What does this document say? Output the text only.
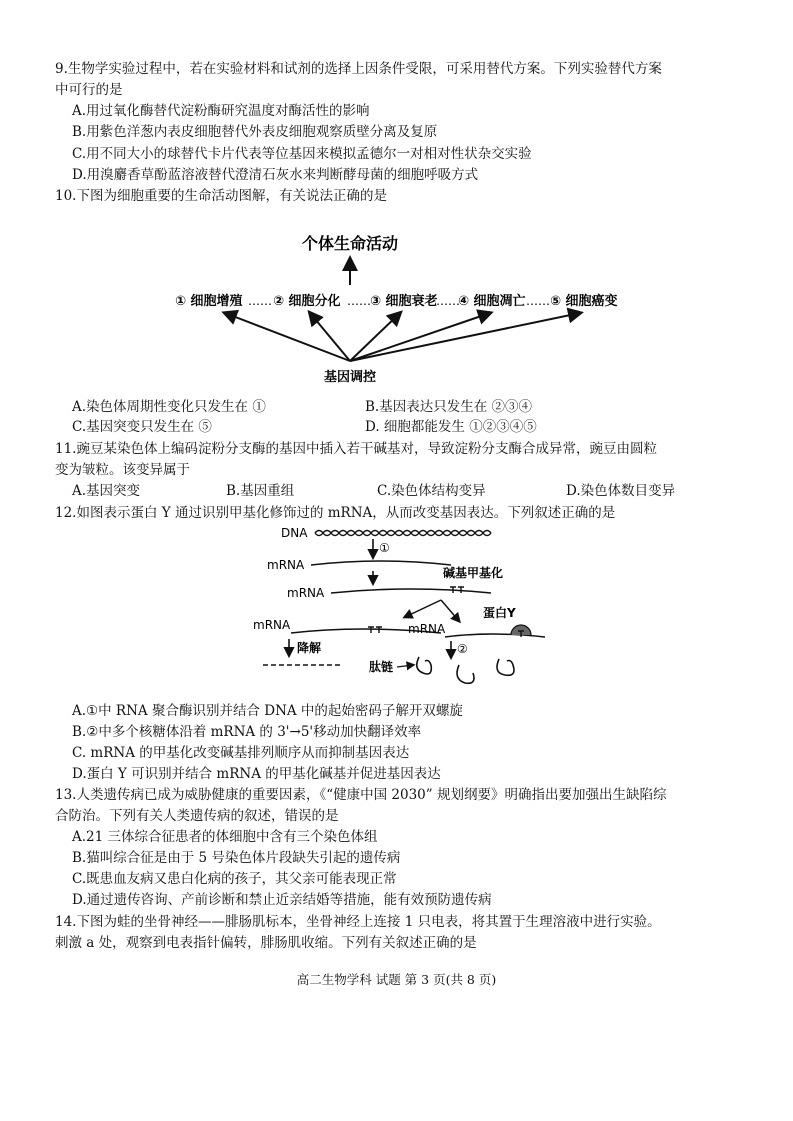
9.生物学实验过程中，若在实验材料和试剂的选择上因条件受限，可采用替代方案。下列实验替代方案
中可行的是
A.用过氧化酶替代淀粉酶研究温度对酶活性的影响
B.用紫色洋葱内表皮细胞替代外表皮细胞观察质壁分离及复原
C.用不同大小的球替代卡片代表等位基因来模拟孟德尔一对相对性状杂交实验
D.用溴麝香草酚蓝溶液替代澄清石灰水来判断酵母菌的细胞呼吸方式
10.下图为细胞重要的生命活动图解，有关说法正确的是
个体生命活动
① 细胞增殖 …… ② 细胞分化 …… ③ 细胞衰老
……
④ 细胞凋亡 …… ⑤ 细胞癌变
基因调控
A.染色体周期性变化只发生在 ①	B.基因表达只发生在 ②③④
C.基因突变只发生在 ⑤	D. 细胞都能发生 ①②③④⑤
11.豌豆某染色体上编码淀粉分支酶的基因中插入若干碱基对，导致淀粉分支酶合成异常，豌豆由圆粒
变为皱粒。该变异属于
A.基因突变	B.基因重组	C.染色体结构变异	D.染色体数目变异
12.如图表示蛋白 Y 通过识别甲基化修饰过的 mRNA，从而改变基因表达。下列叙述正确的是
DNA
①
mRNA
碱基甲基化
mRNA
蛋白Y
mRNA	mRNA
降解	②
肽链
A.①中 RNA 聚合酶识别并结合 DNA 中的起始密码子解开双螺旋
B.②中多个核糖体沿着 mRNA 的 3'→5'移动加快翻译效率
C. mRNA 的甲基化改变碱基排列顺序从而抑制基因表达
D.蛋白 Y 可识别并结合 mRNA 的甲基化碱基并促进基因表达
13.人类遗传病已成为威胁健康的重要因素，《“健康中国 2030” 规划纲要》明确指出要加强出生缺陷综
合防治。下列有关人类遗传病的叙述，错误的是
A.21 三体综合征患者的体细胞中含有三个染色体组
B.猫叫综合征是由于 5 号染色体片段缺失引起的遗传病
C.既患血友病又患白化病的孩子，其父亲可能表现正常
D.通过遗传咨询、产前诊断和禁止近亲结婚等措施，能有效预防遗传病
14.下图为蛙的坐骨神经——腓肠肌标本，坐骨神经上连接 1 只电表，将其置于生理溶液中进行实验。
刺激 a 处，观察到电表指针偏转，腓肠肌收缩。下列有关叙述正确的是
高二生物学科 试题 第 3 页(共 8 页)
